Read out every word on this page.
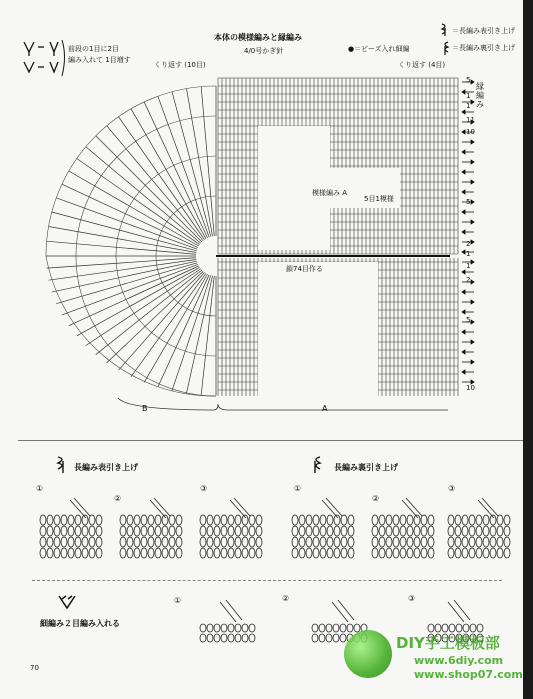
本体の模様編みと縁編み
4/0号かぎ針	●＝ビーズ入れ細編
＝長編み表引き上げ
＝長編み裏引き上げ
前段の1目に2目
編み入れて 1目増す
くり返す (10目)	くり返す (4目)
模様編み A
5目1模様
縁編み
鎖74目作る
A
B
5
1
1
11
10
5
2
1
1
2
5
10
長編み表引き上げ	長編み裏引き上げ
①
②
③	①
②
③
細編み２目編み入れる
①	②	③
70
DIY手工模板部
www.6diy.com
www.shop07.com
